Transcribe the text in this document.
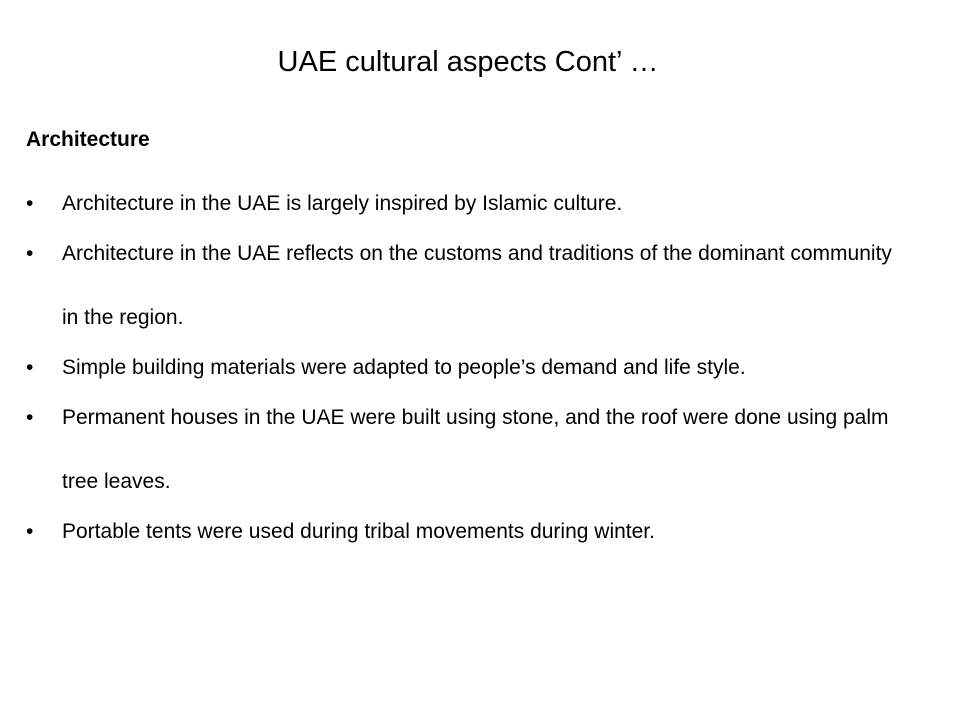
UAE cultural aspects Cont’ …
Architecture
•	Architecture in the UAE is largely inspired by Islamic culture.
•	Architecture in the UAE reflects on the customs and traditions of the dominant community in the region.
•	Simple building materials were adapted to people’s demand and life style.
•	Permanent houses in the UAE were built using stone, and the roof were done using palm tree leaves.
•	Portable tents were used during tribal movements during winter.
